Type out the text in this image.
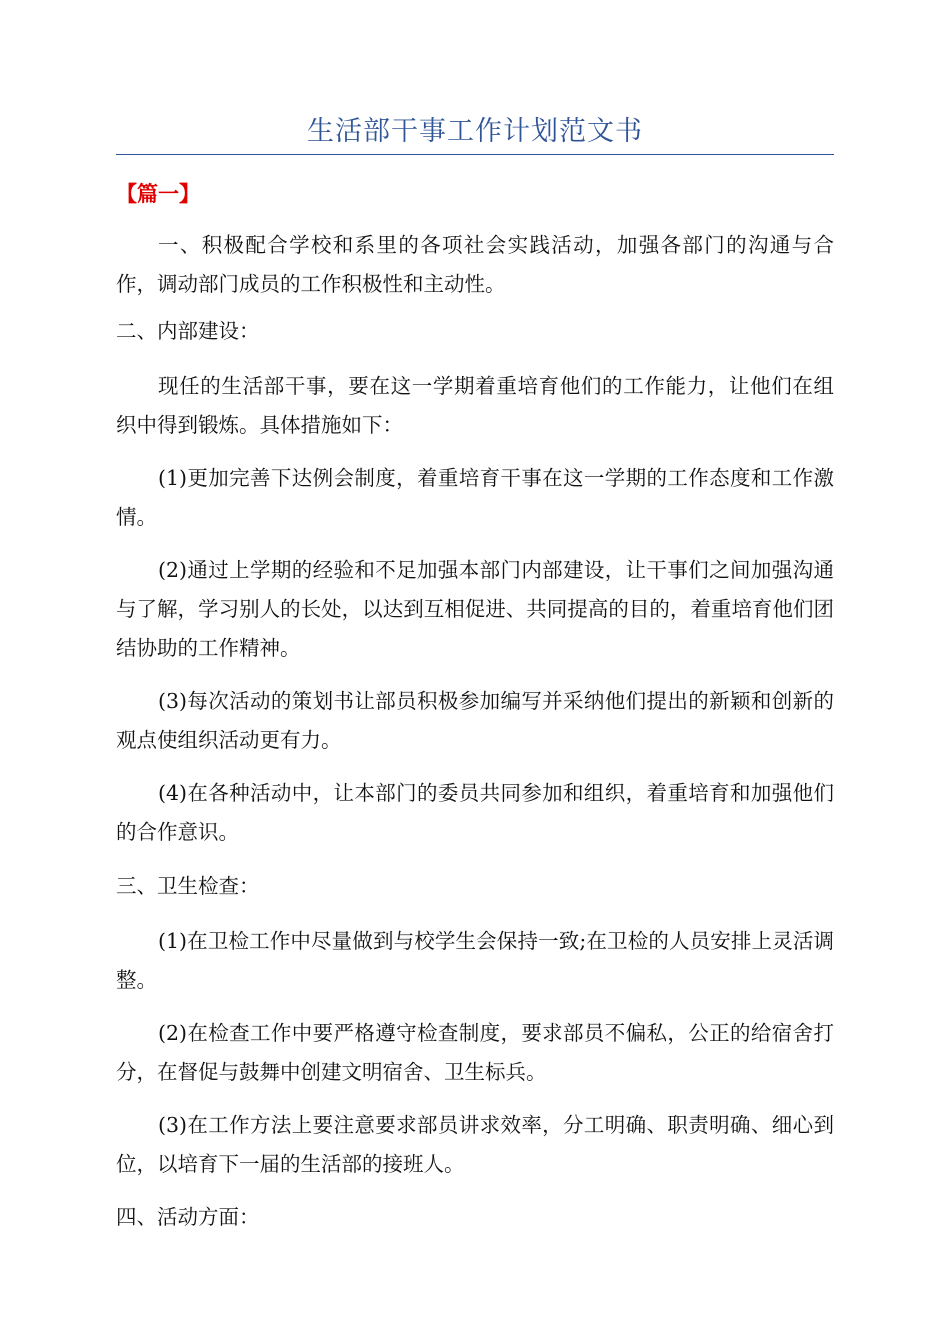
生活部干事工作计划范文书
【篇一】

一、积极配合学校和系里的各项社会实践活动，加强各部门的沟通与合作，调动部门成员的工作积极性和主动性。

二、内部建设：

现任的生活部干事，要在这一学期着重培育他们的工作能力，让他们在组织中得到锻炼。具体措施如下：

(1)更加完善下达例会制度，着重培育干事在这一学期的工作态度和工作激情。

(2)通过上学期的经验和不足加强本部门内部建设，让干事们之间加强沟通与了解，学习别人的长处，以达到互相促进、共同提高的目的，着重培育他们团结协助的工作精神。

(3)每次活动的策划书让部员积极参加编写并采纳他们提出的新颖和创新的观点使组织活动更有力。

(4)在各种活动中，让本部门的委员共同参加和组织，着重培育和加强他们的合作意识。

三、卫生检查：

(1)在卫检工作中尽量做到与校学生会保持一致;在卫检的人员安排上灵活调整。

(2)在检查工作中要严格遵守检查制度，要求部员不偏私，公正的给宿舍打分，在督促与鼓舞中创建文明宿舍、卫生标兵。

(3)在工作方法上要注意要求部员讲求效率，分工明确、职责明确、细心到位，以培育下一届的生活部的接班人。

四、活动方面：
